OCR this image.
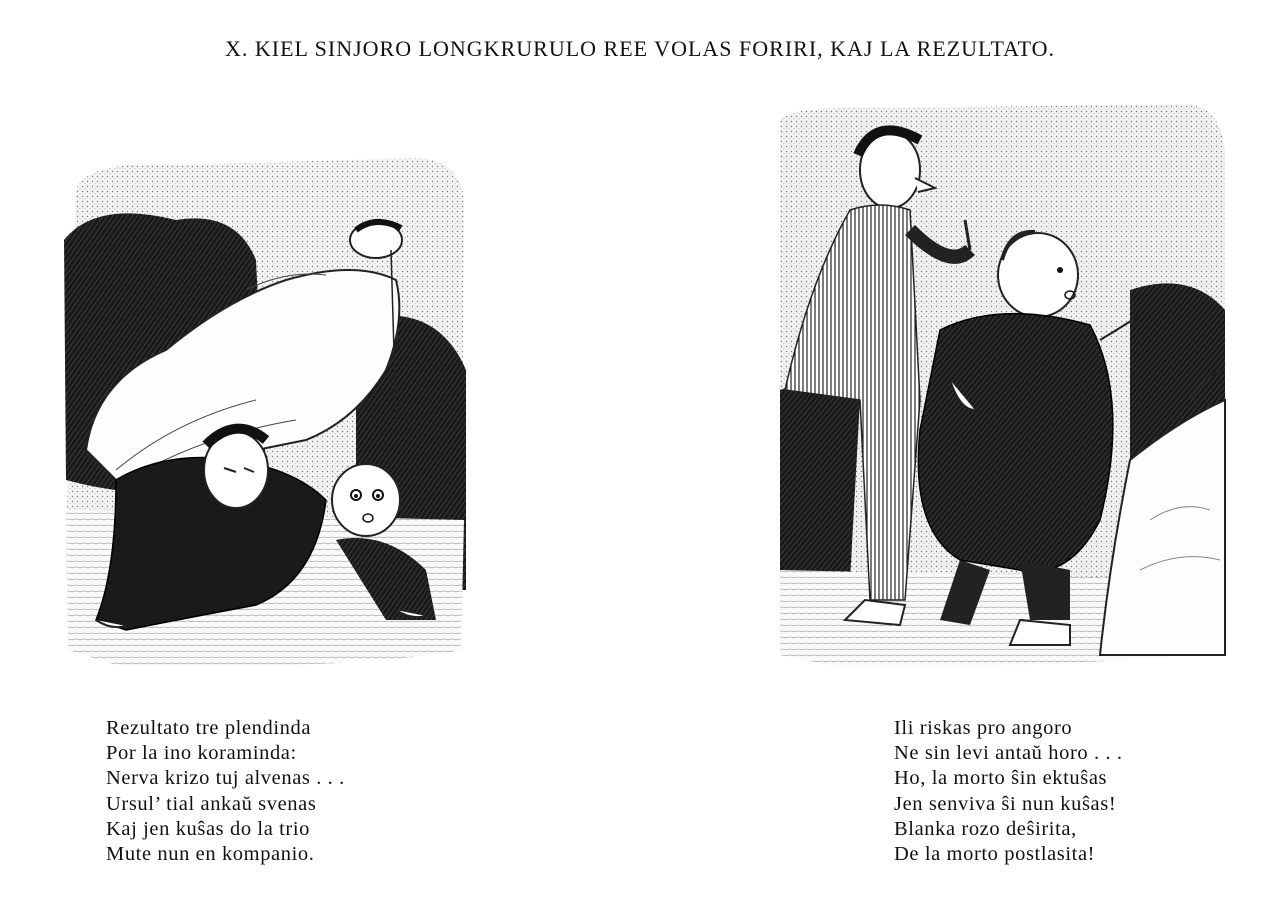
X. KIEL SINJORO LONGKRURULO REE VOLAS FORIRI, KAJ LA REZULTATO.
Rezultato tre plendinda
Por la ino koraminda:
Nerva krizo tuj alvenas . . .
Ursul’ tial ankaŭ svenas
Kaj jen kuŝas do la trio
Mute nun en kompanio.
Ili riskas pro angoro
Ne sin levi antaŭ horo . . .
Ho, la morto ŝin ektuŝas
Jen senviva ŝi nun kuŝas!
Blanka rozo deŝirita,
De la morto postlasita!
